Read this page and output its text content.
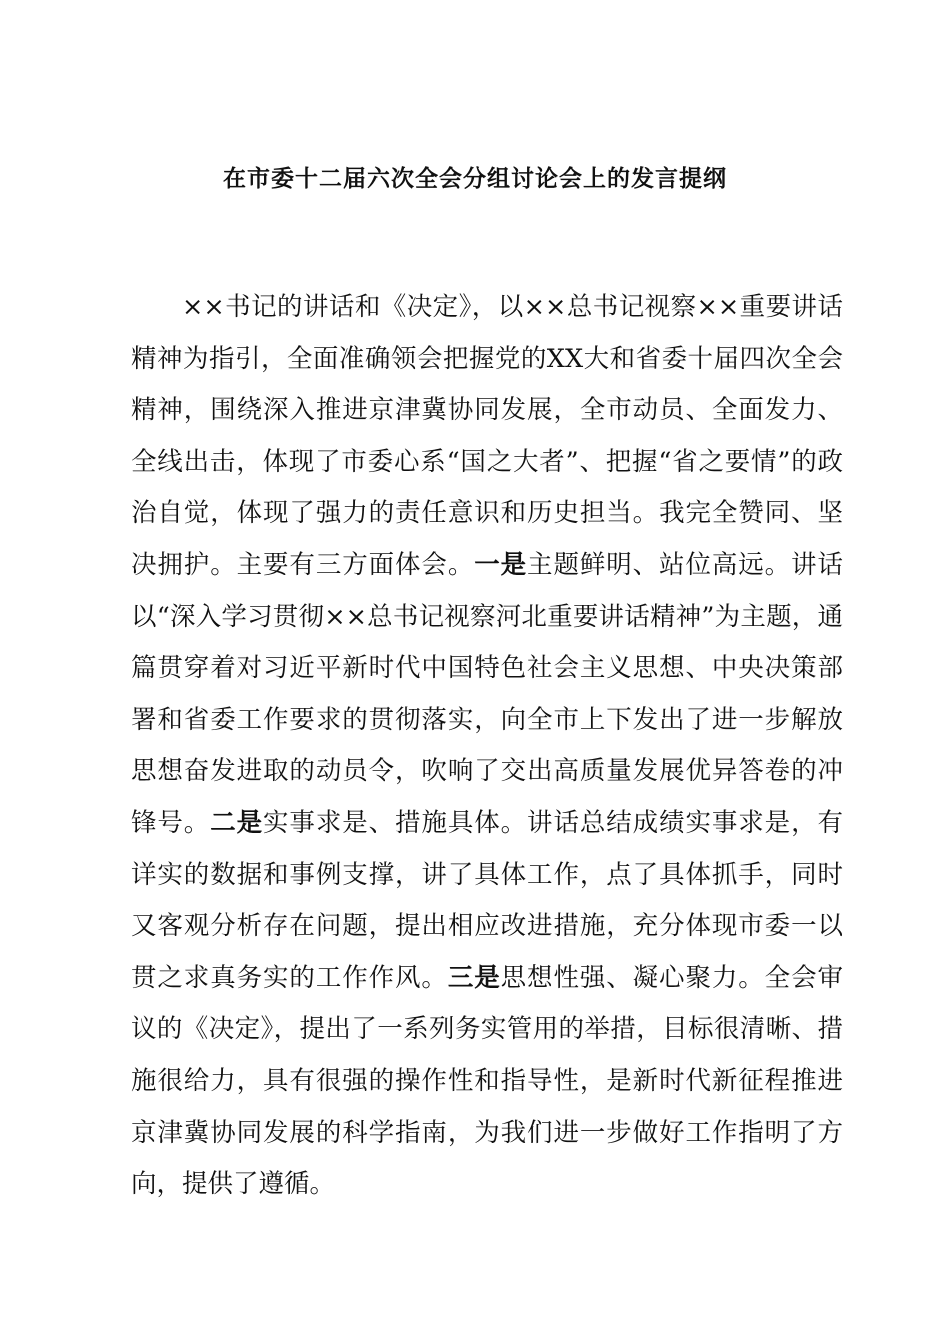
在市委十二届六次全会分组讨论会上的发言提纲
××书记的讲话和《决定》，以××总书记视察××重要讲话精神为指引，全面准确领会把握党的XX大和省委十届四次全会精神，围绕深入推进京津冀协同发展，全市动员、全面发力、全线出击，体现了市委心系“国之大者”、把握“省之要情”的政治自觉，体现了强力的责任意识和历史担当。我完全赞同、坚决拥护。主要有三方面体会。一是主题鲜明、站位高远。讲话以“深入学习贯彻××总书记视察河北重要讲话精神”为主题，通篇贯穿着对习近平新时代中国特色社会主义思想、中央决策部署和省委工作要求的贯彻落实，向全市上下发出了进一步解放思想奋发进取的动员令，吹响了交出高质量发展优异答卷的冲锋号。二是实事求是、措施具体。讲话总结成绩实事求是，有详实的数据和事例支撑，讲了具体工作，点了具体抓手，同时又客观分析存在问题，提出相应改进措施，充分体现市委一以贯之求真务实的工作作风。三是思想性强、凝心聚力。全会审议的《决定》，提出了一系列务实管用的举措，目标很清晰、措施很给力，具有很强的操作性和指导性，是新时代新征程推进京津冀协同发展的科学指南，为我们进一步做好工作指明了方向，提供了遵循。
